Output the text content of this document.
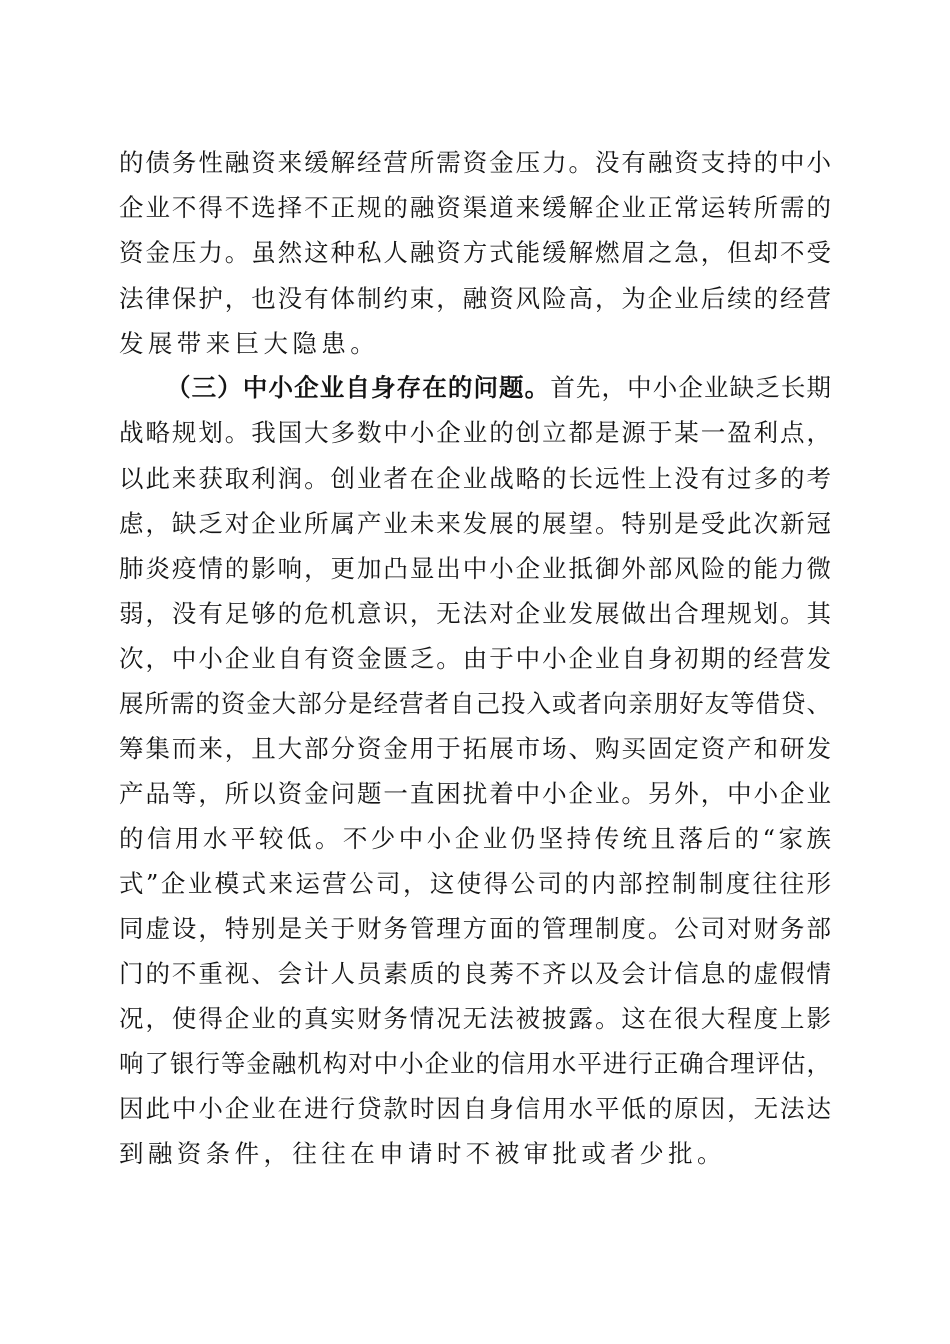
的债务性融资来缓解经营所需资金压力。没有融资支持的中小
企业不得不选择不正规的融资渠道来缓解企业正常运转所需的
资金压力。虽然这种私人融资方式能缓解燃眉之急，但却不受
法律保护，也没有体制约束，融资风险高，为企业后续的经营
发展带来巨大隐患。
（三）中小企业自身存在的问题。首先，中小企业缺乏长期
战略规划。我国大多数中小企业的创立都是源于某一盈利点，
以此来获取利润。创业者在企业战略的长远性上没有过多的考
虑，缺乏对企业所属产业未来发展的展望。特别是受此次新冠
肺炎疫情的影响，更加凸显出中小企业抵御外部风险的能力微
弱，没有足够的危机意识，无法对企业发展做出合理规划。其
次，中小企业自有资金匮乏。由于中小企业自身初期的经营发
展所需的资金大部分是经营者自己投入或者向亲朋好友等借贷、
筹集而来，且大部分资金用于拓展市场、购买固定资产和研发
产品等，所以资金问题一直困扰着中小企业。另外，中小企业
的信用水平较低。不少中小企业仍坚持传统且落后的“家族
式”企业模式来运营公司，这使得公司的内部控制制度往往形
同虚设，特别是关于财务管理方面的管理制度。公司对财务部
门的不重视、会计人员素质的良莠不齐以及会计信息的虚假情
况，使得企业的真实财务情况无法被披露。这在很大程度上影
响了银行等金融机构对中小企业的信用水平进行正确合理评估，
因此中小企业在进行贷款时因自身信用水平低的原因，无法达
到融资条件，往往在申请时不被审批或者少批。
